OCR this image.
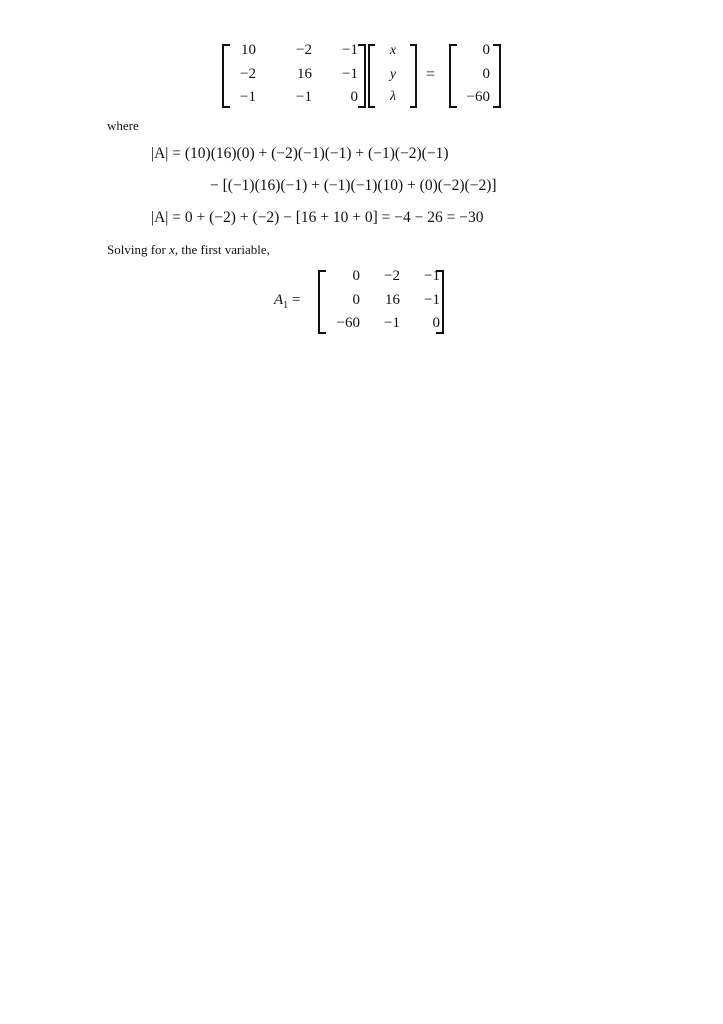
10	−2	−1
−2	16	−1
−1	−1	0
x
y
λ
=
0
0
−60
where
|A| = (10)(16)(0) + (−2)(−1)(−1) + (−1)(−2)(−1)
− [(−1)(16)(−1) + (−1)(−1)(10) + (0)(−2)(−2)]
|A| = 0 + (−2) + (−2) − [16 + 10 + 0] = −4 − 26 = −30
Solving for x, the first variable,
$A_1$ =
0	−2	−1
0	16	−1
−60	−1	0
